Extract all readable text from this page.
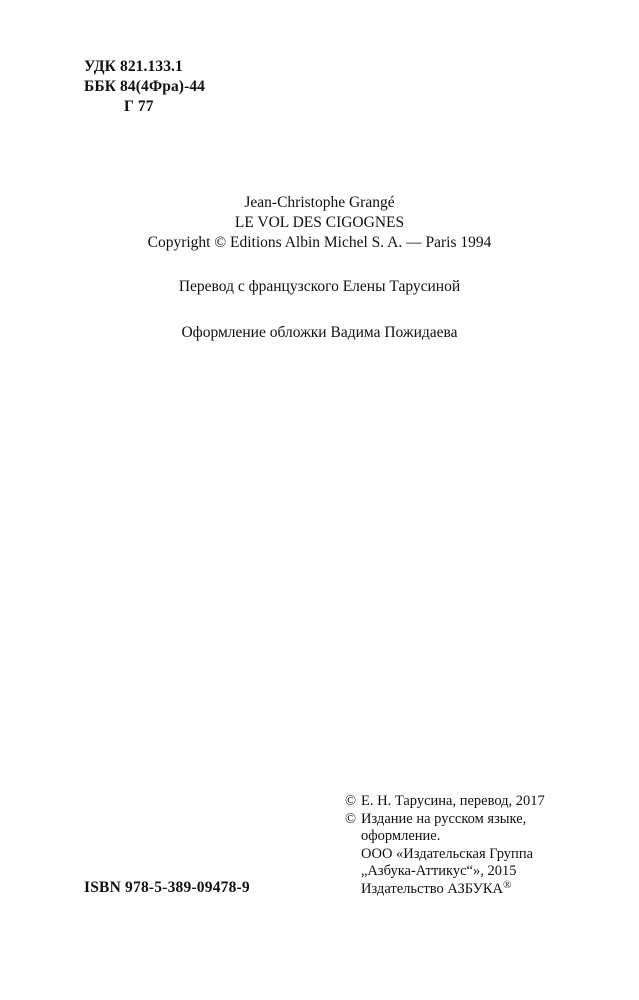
УДК 821.133.1
ББК 84(4Фра)-44
Г 77
Jean-Christophe Grangé
LE VOL DES CIGOGNES
Copyright © Editions Albin Michel S. A. — Paris 1994
Перевод с французского Елены Тарусиной
Оформление обложки Вадима Пожидаева
ISBN 978-5-389-09478-9
© Е. Н. Тарусина, перевод, 2017
© Издание на русском языке,
оформление.
ООО «Издательская Группа
„Азбука-Аттикус“», 2015
Издательство АЗБУКА®
